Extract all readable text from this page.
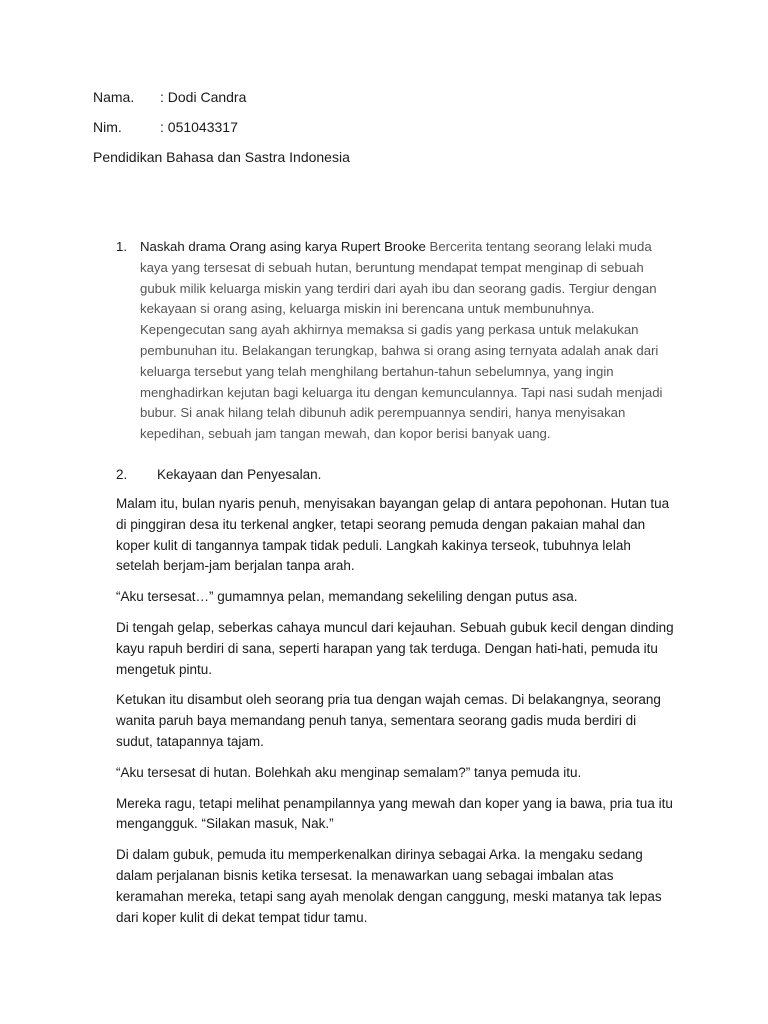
Nama. : Dodi Candra
Nim.	: 051043317
Pendidikan Bahasa dan Sastra Indonesia
1. Naskah drama Orang asing karya Rupert Brooke Bercerita tentang seorang lelaki muda kaya yang tersesat di sebuah hutan, beruntung mendapat tempat menginap di sebuah gubuk milik keluarga miskin yang terdiri dari ayah ibu dan seorang gadis. Tergiur dengan kekayaan si orang asing, keluarga miskin ini berencana untuk membunuhnya. Kepengecutan sang ayah akhirnya memaksa si gadis yang perkasa untuk melakukan pembunuhan itu. Belakangan terungkap, bahwa si orang asing ternyata adalah anak dari keluarga tersebut yang telah menghilang bertahun-tahun sebelumnya, yang ingin menghadirkan kejutan bagi keluarga itu dengan kemunculannya. Tapi nasi sudah menjadi bubur. Si anak hilang telah dibunuh adik perempuannya sendiri, hanya menyisakan kepedihan, sebuah jam tangan mewah, dan kopor berisi banyak uang.
2. Kekayaan dan Penyesalan.

Malam itu, bulan nyaris penuh, menyisakan bayangan gelap di antara pepohonan. Hutan tua di pinggiran desa itu terkenal angker, tetapi seorang pemuda dengan pakaian mahal dan koper kulit di tangannya tampak tidak peduli. Langkah kakinya terseok, tubuhnya lelah setelah berjam-jam berjalan tanpa arah.

“Aku tersesat…” gumamnya pelan, memandang sekeliling dengan putus asa.

Di tengah gelap, seberkas cahaya muncul dari kejauhan. Sebuah gubuk kecil dengan dinding kayu rapuh berdiri di sana, seperti harapan yang tak terduga. Dengan hati-hati, pemuda itu mengetuk pintu.

Ketukan itu disambut oleh seorang pria tua dengan wajah cemas. Di belakangnya, seorang wanita paruh baya memandang penuh tanya, sementara seorang gadis muda berdiri di sudut, tatapannya tajam.

“Aku tersesat di hutan. Bolehkah aku menginap semalam?” tanya pemuda itu.

Mereka ragu, tetapi melihat penampilannya yang mewah dan koper yang ia bawa, pria tua itu mengangguk. “Silakan masuk, Nak.”

Di dalam gubuk, pemuda itu memperkenalkan dirinya sebagai Arka. Ia mengaku sedang dalam perjalanan bisnis ketika tersesat. Ia menawarkan uang sebagai imbalan atas keramahan mereka, tetapi sang ayah menolak dengan canggung, meski matanya tak lepas dari koper kulit di dekat tempat tidur tamu.
